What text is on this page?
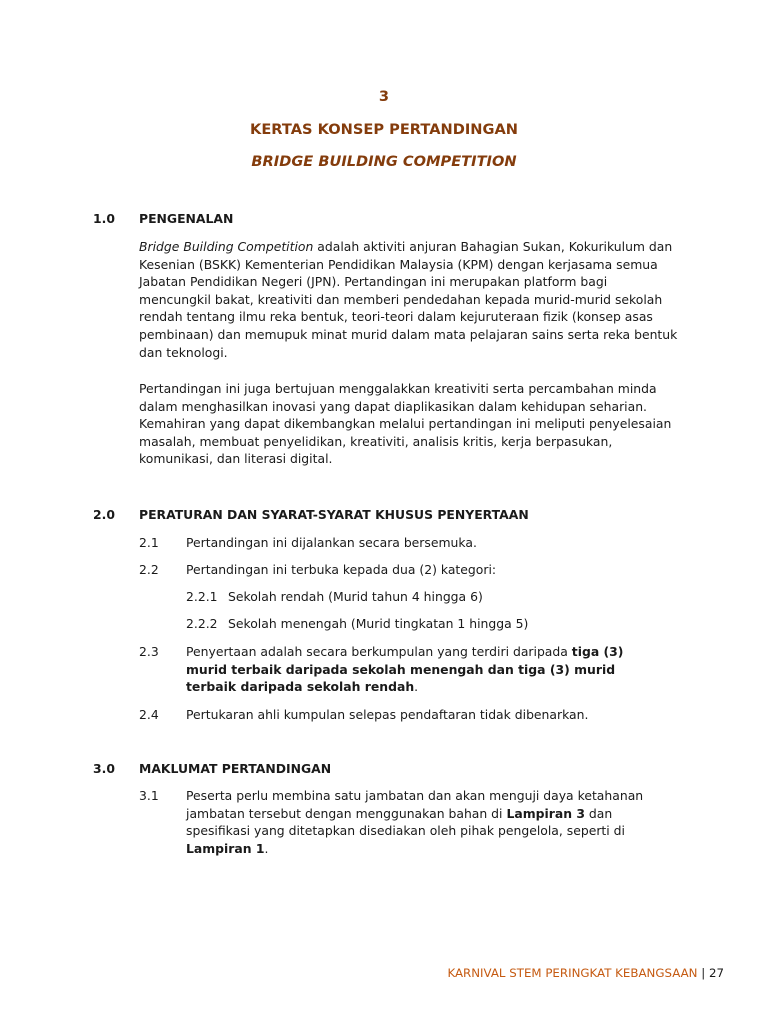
3
KERTAS KONSEP PERTANDINGAN
BRIDGE BUILDING COMPETITION
1.0 PENGENALAN

Bridge Building Competition adalah aktiviti anjuran Bahagian Sukan, Kokurikulum dan Kesenian (BSKK) Kementerian Pendidikan Malaysia (KPM) dengan kerjasama semua Jabatan Pendidikan Negeri (JPN). Pertandingan ini merupakan platform bagi mencungkil bakat, kreativiti dan memberi pendedahan kepada murid-murid sekolah rendah tentang ilmu reka bentuk, teori-teori dalam kejuruteraan fizik (konsep asas pembinaan) dan memupuk minat murid dalam mata pelajaran sains serta reka bentuk dan teknologi.

Pertandingan ini juga bertujuan menggalakkan kreativiti serta percambahan minda dalam menghasilkan inovasi yang dapat diaplikasikan dalam kehidupan seharian. Kemahiran yang dapat dikembangkan melalui pertandingan ini meliputi penyelesaian masalah, membuat penyelidikan, kreativiti, analisis kritis, kerja berpasukan, komunikasi, dan literasi digital.

2.0 PERATURAN DAN SYARAT-SYARAT KHUSUS PENYERTAAN
2.1 Pertandingan ini dijalankan secara bersemuka.

2.2 Pertandingan ini terbuka kepada dua (2) kategori:

2.2.1 Sekolah rendah (Murid tahun 4 hingga 6)
2.2.2 Sekolah menengah (Murid tingkatan 1 hingga 5)
2.3 Penyertaan adalah secara berkumpulan yang terdiri daripada tiga (3) murid terbaik daripada sekolah menengah dan tiga (3) murid terbaik daripada sekolah rendah.

2.4 Pertukaran ahli kumpulan selepas pendaftaran tidak dibenarkan.

3.0 MAKLUMAT PERTANDINGAN
3.1 Peserta perlu membina satu jambatan dan akan menguji daya ketahanan jambatan tersebut dengan menggunakan bahan di Lampiran 3 dan spesifikasi yang ditetapkan disediakan oleh pihak pengelola, seperti di Lampiran 1.

KARNIVAL STEM PERINGKAT KEBANGSAAN | 27
